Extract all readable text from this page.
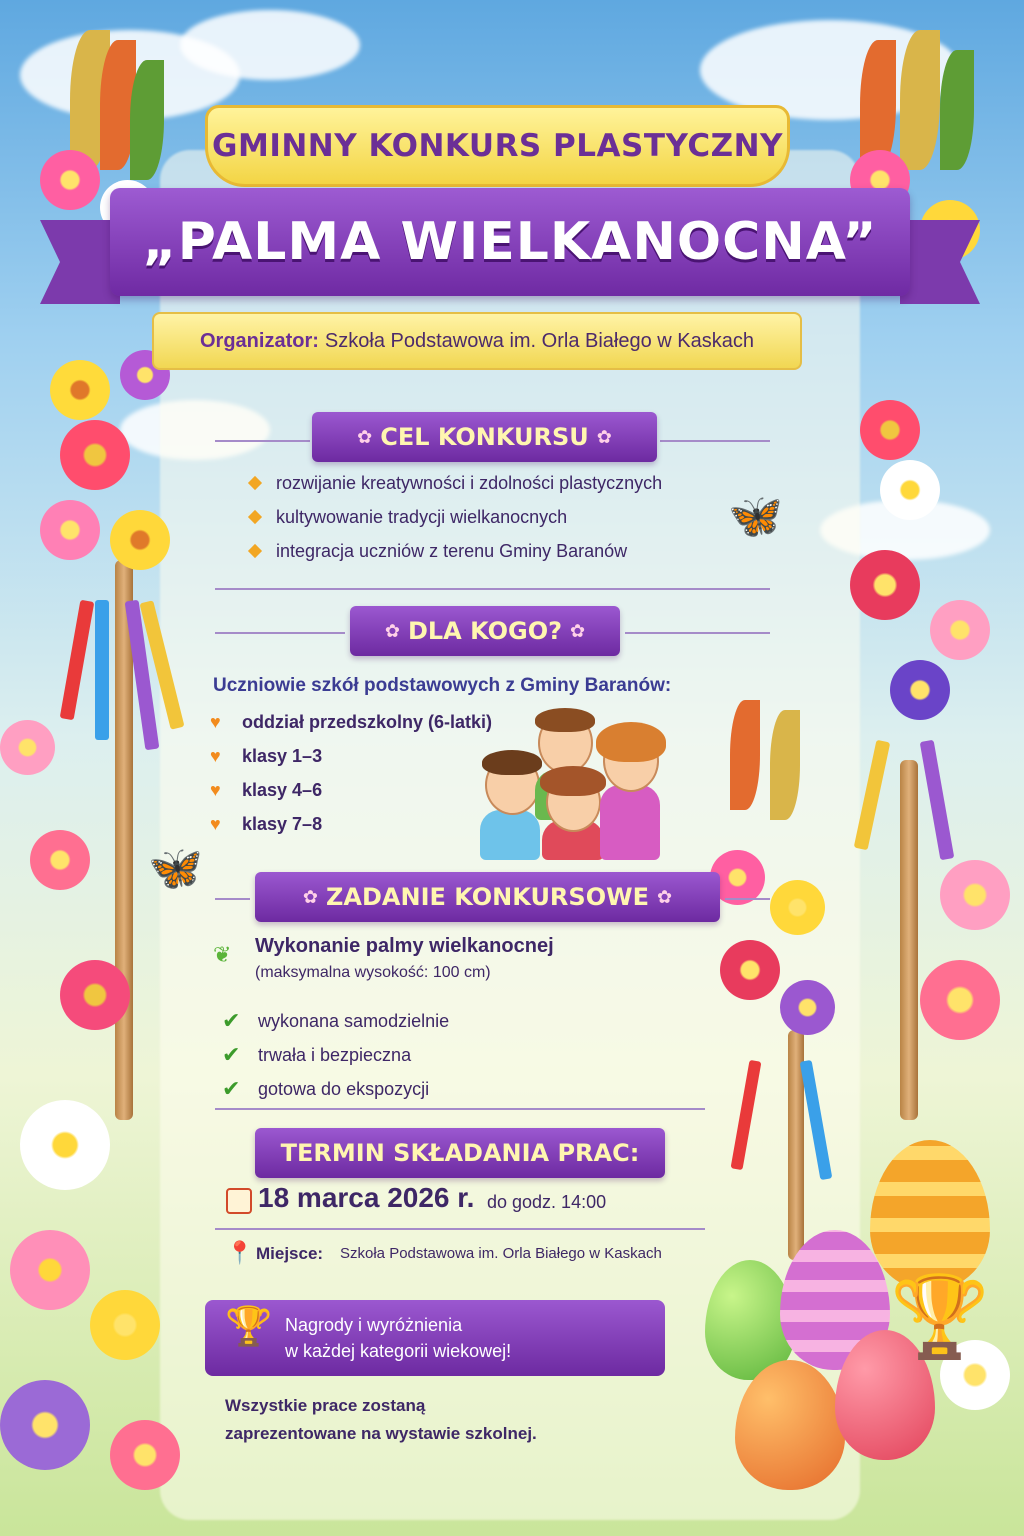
🏆
GMINNY KONKURS PLASTYCZNY
„PALMA WIELKANOCNA”
Organizator: Szkoła Podstawowa im. Orla Białego w Kaskach
✿ CEL KONKURSU ✿
rozwijanie kreatywności i zdolności plastycznych
kultywowanie tradycji wielkanocnych
integracja uczniów z terenu Gminy Baranów
✿ DLA KOGO? ✿
Uczniowie szkół podstawowych z Gminy Baranów:
♥	oddział przedszkolny (6-latki)
♥	klasy 1–3
♥	klasy 4–6
♥	klasy 7–8
🦋
🦋
✿ ZADANIE KONKURSOWE ✿
❦ Wykonanie palmy wielkanocnej
(maksymalna wysokość: 100 cm)
✔ wykonana samodzielnie
✔ trwała i bezpieczna
✔ gotowa do ekspozycji
TERMIN SKŁADANIA PRAC:
18 marca 2026 r. do godz. 14:00
📍 Miejsce: Szkoła Podstawowa im. Orla Białego w Kaskach
🏆 Nagrody i wyróżnienia
w każdej kategorii wiekowej!
Wszystkie prace zostaną
zaprezentowane na wystawie szkolnej.
